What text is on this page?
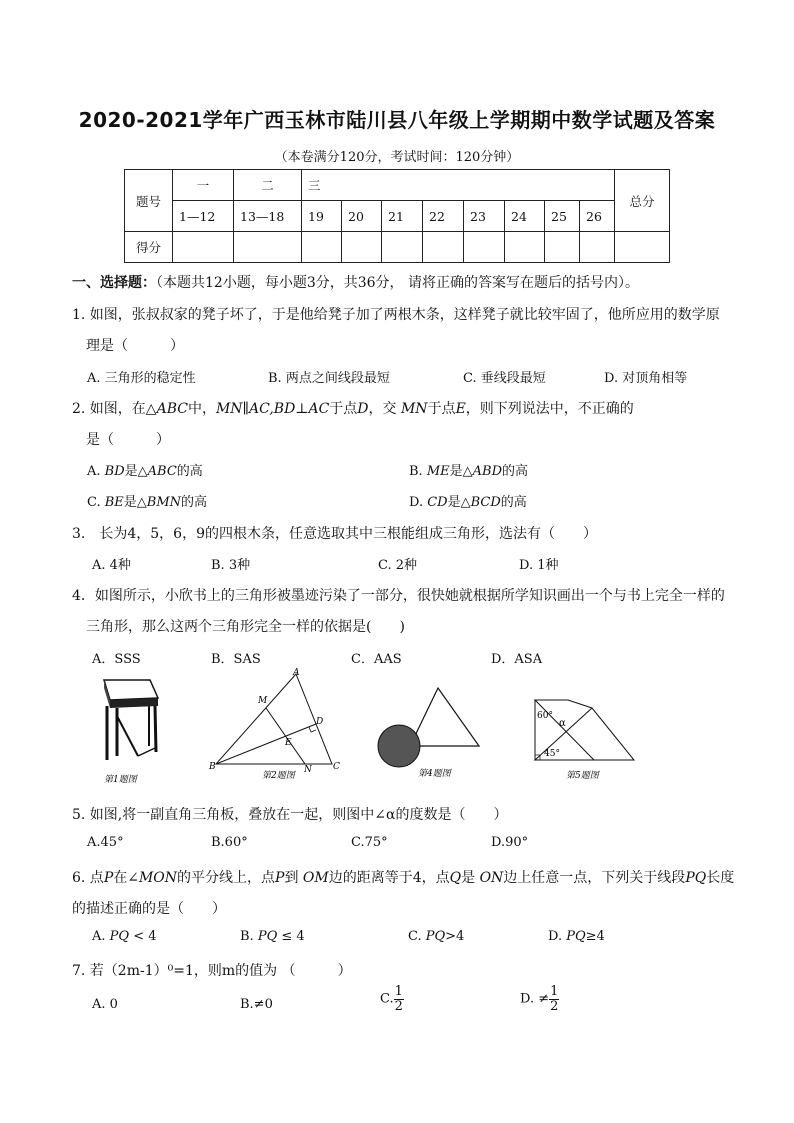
2020-2021学年广西玉林市陆川县八年级上学期期中数学试题及答案
（本卷满分120分，考试时间：120分钟）
题号	一	二	三								总分
	1—12	13—18	19	20	21	22	23	24	25	26	
得分											
一、选择题：（本题共12小题，每小题3分，共36分， 请将正确的答案写在题后的括号内）。
1. 如图，张叔叔家的凳子坏了，于是他给凳子加了两根木条，这样凳子就比较牢固了，他所应用的数学原
理是（　　　）
A. 三角形的稳定性	B. 两点之间线段最短	C. 垂线段最短	D. 对顶角相等
2. 如图，在△ABC中，MN∥AC,BD⊥AC于点D，交 MN于点E，则下列说法中，不正确的
是（　　　）
A. BD是△ABC的高	B. ME是△ABD的高
C. BE是△BMN的高	D. CD是△BCD的高
3.　长为4，5，6，9的四根木条，任意选取其中三根能组成三角形，选法有（　　）
A. 4种	B. 3种	C. 2种	D. 1种
4．如图所示，小欣书上的三角形被墨迹污染了一部分，很快她就根据所学知识画出一个与书上完全一样的
三角形，那么这两个三角形完全一样的依据是(　　)
A．SSS	B．SAS	C．AAS	D．ASA
第1题图
A
M
D
E
B	N C
第2题图	第4题图
60°
45°
α
第5题图
5. 如图,将一副直角三角板，叠放在一起，则图中∠α的度数是（　　）
A.45°	B.60°	C.75°	D.90°
6. 点P在∠MON的平分线上，点P到 OM边的距离等于4，点Q是 ON边上任意一点，下列关于线段PQ长度
的描述正确的是（　　）
A. PQ < 4	B. PQ ≤ 4	C. PQ>4	D. PQ≥4
7. 若（2m-1）⁰=1，则m的值为 （　　　）
A. 0	B.≠0	C. $\frac{1}{2}$	D. ≠ $\frac{1}{2}$
